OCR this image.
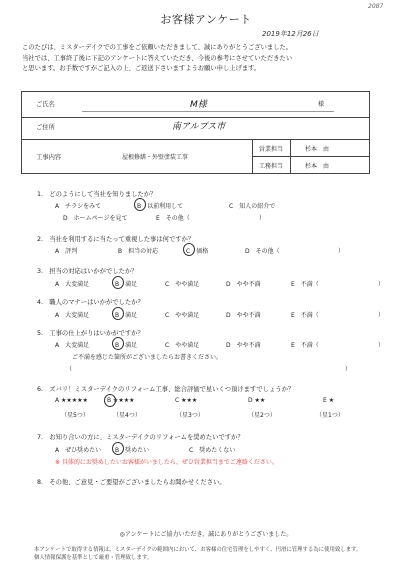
2087
お客様アンケート
2019年12月26日

このたびは、ミスターデイクでの工事をご依頼いただきまして、誠にありがとうございました。

当社では、工事終了後に下記のアンケートに答えていただき、今後の参考にさせていただきたい

と思います。お手数ですがご記入の上、ご返送下さいますようお願い申し上げます。

ご氏名	M様	様
ご住所	南アルプス市
工事内容	屋根修繕・外壁塗装工事
営業担当	杉本　由
工務担当	杉本　由
1.　どのようにして当社を知りましたか？
A　チラシをみて	B　以前利用して	C　知人の紹介で
D　ホームページを見て	E　その他（	）
2.　当社を利用するに当たって重視した事は何ですか？
A　評判	B　担当の対応	C　価格	D　その他（	）
3.　担当の対応はいかがでしたか？
A　大変満足	B　満足	C　やや満足	D　やや不満	E　不満（	）
4.　職人のマナーはいかがでしたか？
A　大変満足	B　満足	C　やや満足	D　やや不満	E　不満（	）
5.　工事の仕上がりはいかがですか？
A　大変満足	B　満足	C　やや満足	D　やや不満	E　不満（	）
ご不満を感じた箇所がございましたらお書きください。
（	）
6.　ズバリ！ミスターデイクのリフォーム工事、総合評価で星いくつ頂けますでしょうか？
A ★★★★★
（星5つ）
B ★★★★
（星4つ）
C ★★★
（星3つ）
D ★★
（星2つ）
E ★
（星1つ）
7.　お知り合いの方に、ミスターデイクのリフォームを奨めたいですか？
A　ぜひ奨めたい B　奨めたい	C　奨めたくない
※ 具体的にお奨めしたいお客様がいましたら、ぜひ営業担当までご連絡ください。
8.　その他、ご意見・ご要望がございましたらお聞かせください。
◎アンケートにご協力いただき、誠にありがとうございました。
本アンケートで取得する情報は、ミスターデイクの範囲内において、お客様の住宅管理をしやすく、円滑に管理する為に使用致します。
個人情報保護を基準として厳重・管理致します。
